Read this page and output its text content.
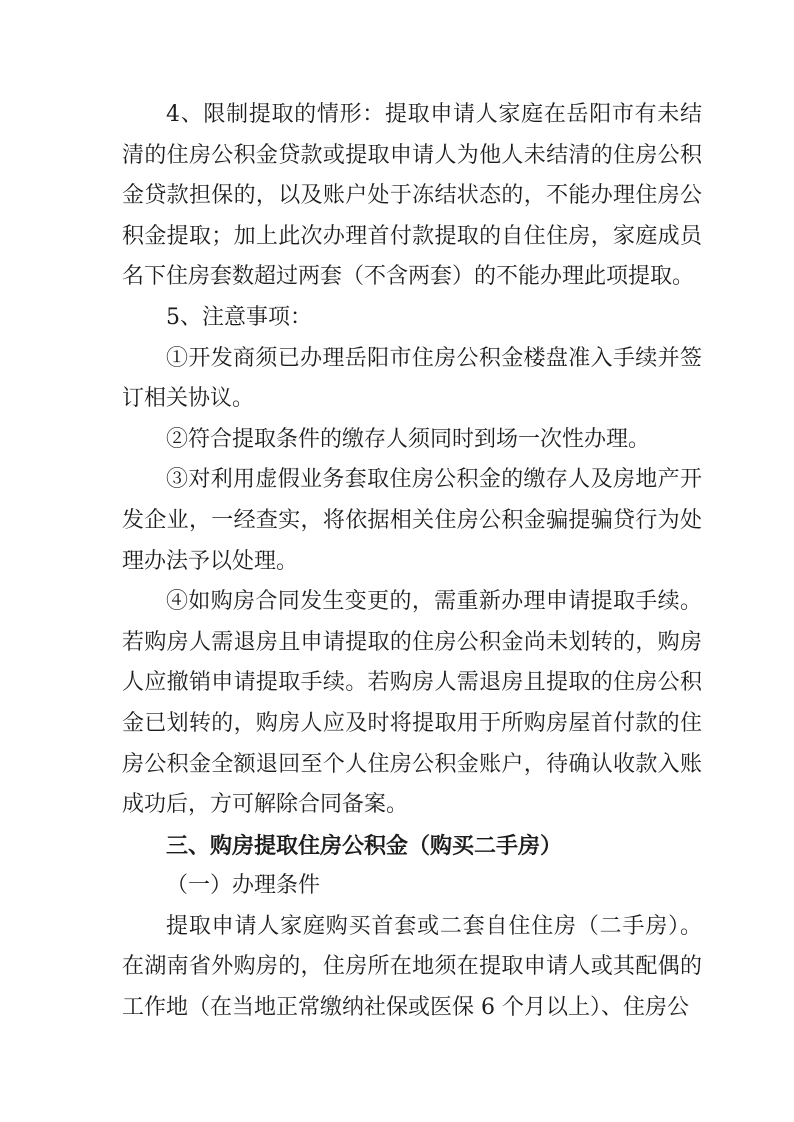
4、限制提取的情形：提取申请人家庭在岳阳市有未结清的住房公积金贷款或提取申请人为他人未结清的住房公积金贷款担保的，以及账户处于冻结状态的，不能办理住房公积金提取；加上此次办理首付款提取的自住住房，家庭成员名下住房套数超过两套（不含两套）的不能办理此项提取。

5、注意事项：

①开发商须已办理岳阳市住房公积金楼盘准入手续并签订相关协议。

②符合提取条件的缴存人须同时到场一次性办理。

③对利用虚假业务套取住房公积金的缴存人及房地产开发企业，一经查实，将依据相关住房公积金骗提骗贷行为处理办法予以处理。

④如购房合同发生变更的，需重新办理申请提取手续。若购房人需退房且申请提取的住房公积金尚未划转的，购房人应撤销申请提取手续。若购房人需退房且提取的住房公积金已划转的，购房人应及时将提取用于所购房屋首付款的住房公积金全额退回至个人住房公积金账户，待确认收款入账成功后，方可解除合同备案。

三、购房提取住房公积金（购买二手房）

（一）办理条件

提取申请人家庭购买首套或二套自住住房（二手房）。在湖南省外购房的，住房所在地须在提取申请人或其配偶的工作地（在当地正常缴纳社保或医保 6 个月以上）、住房公
